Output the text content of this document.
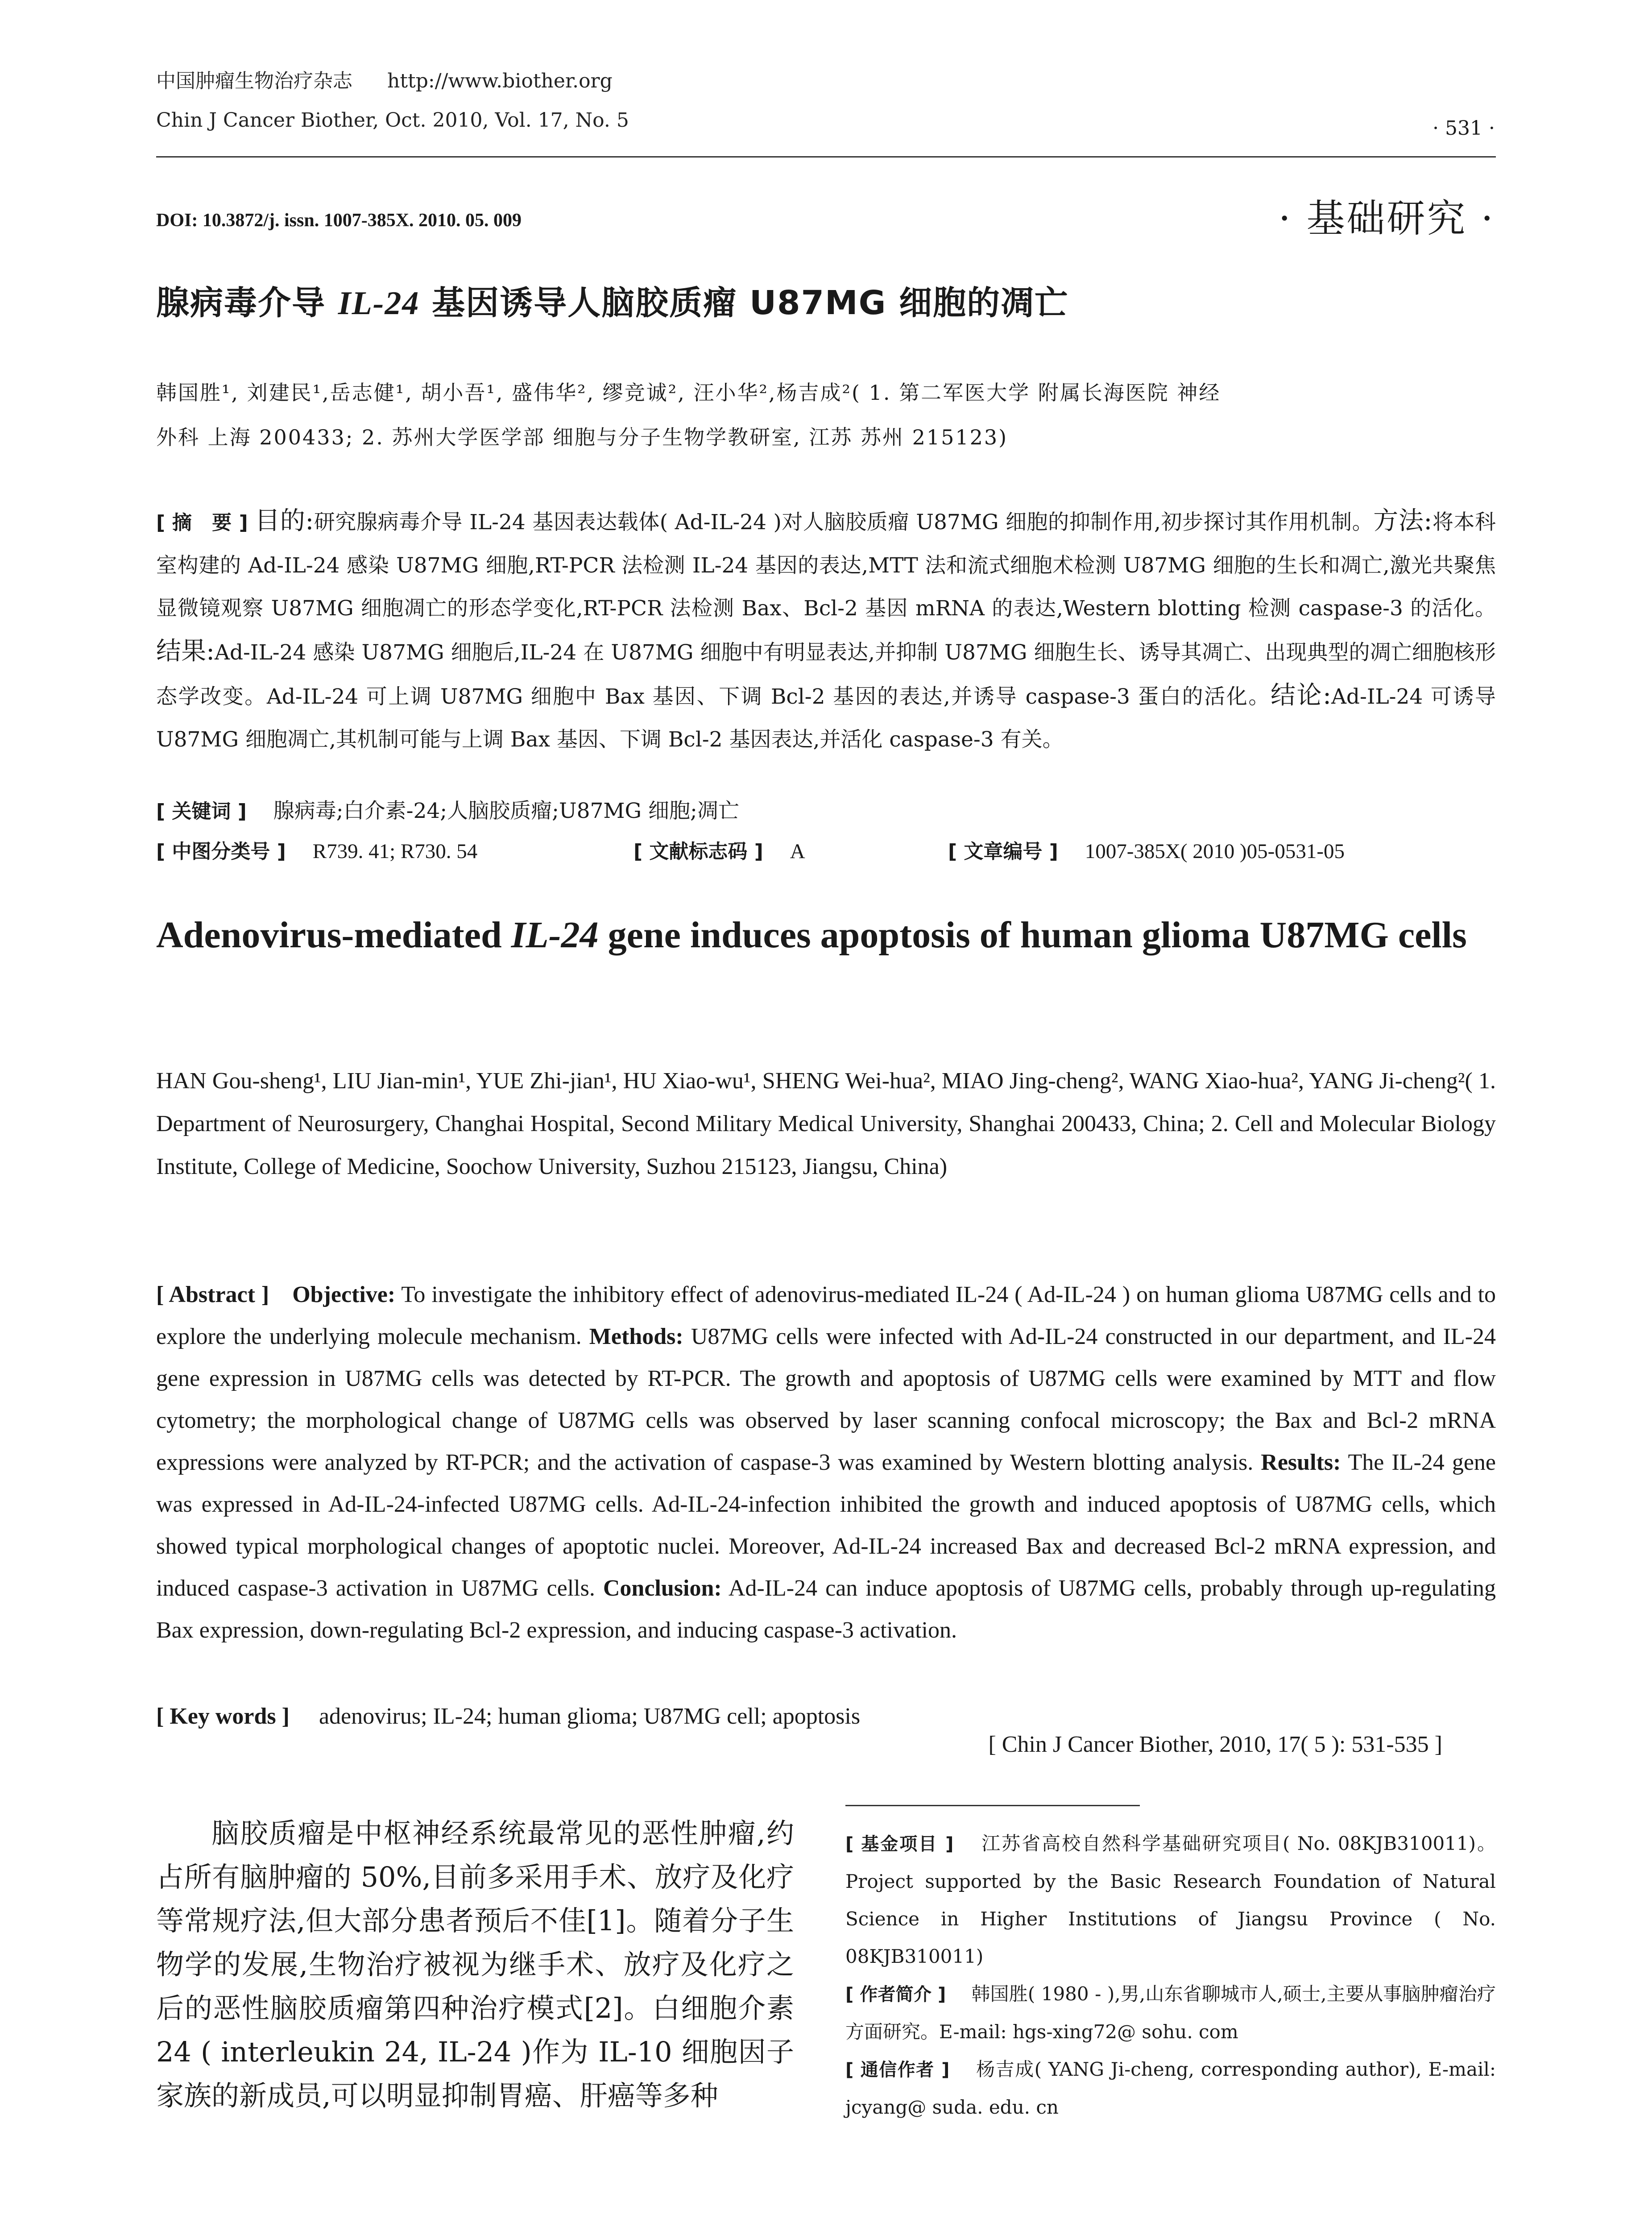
中国肿瘤生物治疗杂志 http://www.biother.org
Chin J Cancer Biother, Oct. 2010, Vol. 17, No. 5	· 531 ·
DOI: 10.3872/j. issn. 1007-385X. 2010. 05. 009	· 基础研究 ·
腺病毒介导 IL-24 基因诱导人脑胶质瘤 U87MG 细胞的凋亡
韩国胜¹, 刘建民¹,岳志健¹, 胡小吾¹, 盛伟华², 缪竞诚², 汪小华²,杨吉成²( 1. 第二军医大学 附属长海医院 神经
外科 上海 200433; 2. 苏州大学医学部 细胞与分子生物学教研室, 江苏 苏州 215123)
[ 摘　要 ] 目的:研究腺病毒介导 IL-24 基因表达载体( Ad-IL-24 )对人脑胶质瘤 U87MG 细胞的抑制作用,初步探讨其作用机制。方法:将本科室构建的 Ad-IL-24 感染 U87MG 细胞,RT-PCR 法检测 IL-24 基因的表达,MTT 法和流式细胞术检测 U87MG 细胞的生长和凋亡,激光共聚焦显微镜观察 U87MG 细胞凋亡的形态学变化,RT-PCR 法检测 Bax、Bcl-2 基因 mRNA 的表达,Western blotting 检测 caspase-3 的活化。结果:Ad-IL-24 感染 U87MG 细胞后,IL-24 在 U87MG 细胞中有明显表达,并抑制 U87MG 细胞生长、诱导其凋亡、出现典型的凋亡细胞核形态学改变。Ad-IL-24 可上调 U87MG 细胞中 Bax 基因、下调 Bcl-2 基因的表达,并诱导 caspase-3 蛋白的活化。结论:Ad-IL-24 可诱导 U87MG 细胞凋亡,其机制可能与上调 Bax 基因、下调 Bcl-2 基因表达,并活化 caspase-3 有关。
[ 关键词 ] 腺病毒;白介素-24;人脑胶质瘤;U87MG 细胞;凋亡
[ 中图分类号 ] R739. 41; R730. 54	[ 文献标志码 ] A	[ 文章编号 ] 1007-385X( 2010 )05-0531-05
Adenovirus-mediated IL-24 gene induces apoptosis of human glioma U87MG cells
HAN Gou-sheng¹, LIU Jian-min¹, YUE Zhi-jian¹, HU Xiao-wu¹, SHENG Wei-hua², MIAO Jing-cheng², WANG Xiao-hua², YANG Ji-cheng²( 1. Department of Neurosurgery, Changhai Hospital, Second Military Medical University, Shanghai 200433, China; 2. Cell and Molecular Biology Institute, College of Medicine, Soochow University, Suzhou 215123, Jiangsu, China)
[ Abstract ] Objective: To investigate the inhibitory effect of adenovirus-mediated IL-24 ( Ad-IL-24 ) on human glioma U87MG cells and to explore the underlying molecule mechanism. Methods: U87MG cells were infected with Ad-IL-24 constructed in our department, and IL-24 gene expression in U87MG cells was detected by RT-PCR. The growth and apoptosis of U87MG cells were examined by MTT and flow cytometry; the morphological change of U87MG cells was observed by laser scanning confocal microscopy; the Bax and Bcl-2 mRNA expressions were analyzed by RT-PCR; and the activation of caspase-3 was examined by Western blotting analysis. Results: The IL-24 gene was expressed in Ad-IL-24-infected U87MG cells. Ad-IL-24-infection inhibited the growth and induced apoptosis of U87MG cells, which showed typical morphological changes of apoptotic nuclei. Moreover, Ad-IL-24 increased Bax and decreased Bcl-2 mRNA expression, and induced caspase-3 activation in U87MG cells. Conclusion: Ad-IL-24 can induce apoptosis of U87MG cells, probably through up-regulating Bax expression, down-regulating Bcl-2 expression, and inducing caspase-3 activation.
[ Key words ] adenovirus; IL-24; human glioma; U87MG cell; apoptosis
[ Chin J Cancer Biother, 2010, 17( 5 ): 531-535 ]
脑胶质瘤是中枢神经系统最常见的恶性肿瘤,约占所有脑肿瘤的 50%,目前多采用手术、放疗及化疗等常规疗法,但大部分患者预后不佳[1]。随着分子生物学的发展,生物治疗被视为继手术、放疗及化疗之后的恶性脑胶质瘤第四种治疗模式[2]。白细胞介素 24 ( interleukin 24, IL-24 )作为 IL-10 细胞因子家族的新成员,可以明显抑制胃癌、肝癌等多种

[ 基金项目 ] 江苏省高校自然科学基础研究项目( No. 08KJB310011)。Project supported by the Basic Research Foundation of Natural Science in Higher Institutions of Jiangsu Province ( No. 08KJB310011)

[ 作者简介 ] 韩国胜( 1980 - ),男,山东省聊城市人,硕士,主要从事脑肿瘤治疗方面研究。E-mail: hgs-xing72@ sohu. com

[ 通信作者 ] 杨吉成( YANG Ji-cheng, corresponding author), E-mail: jcyang@ suda. edu. cn
